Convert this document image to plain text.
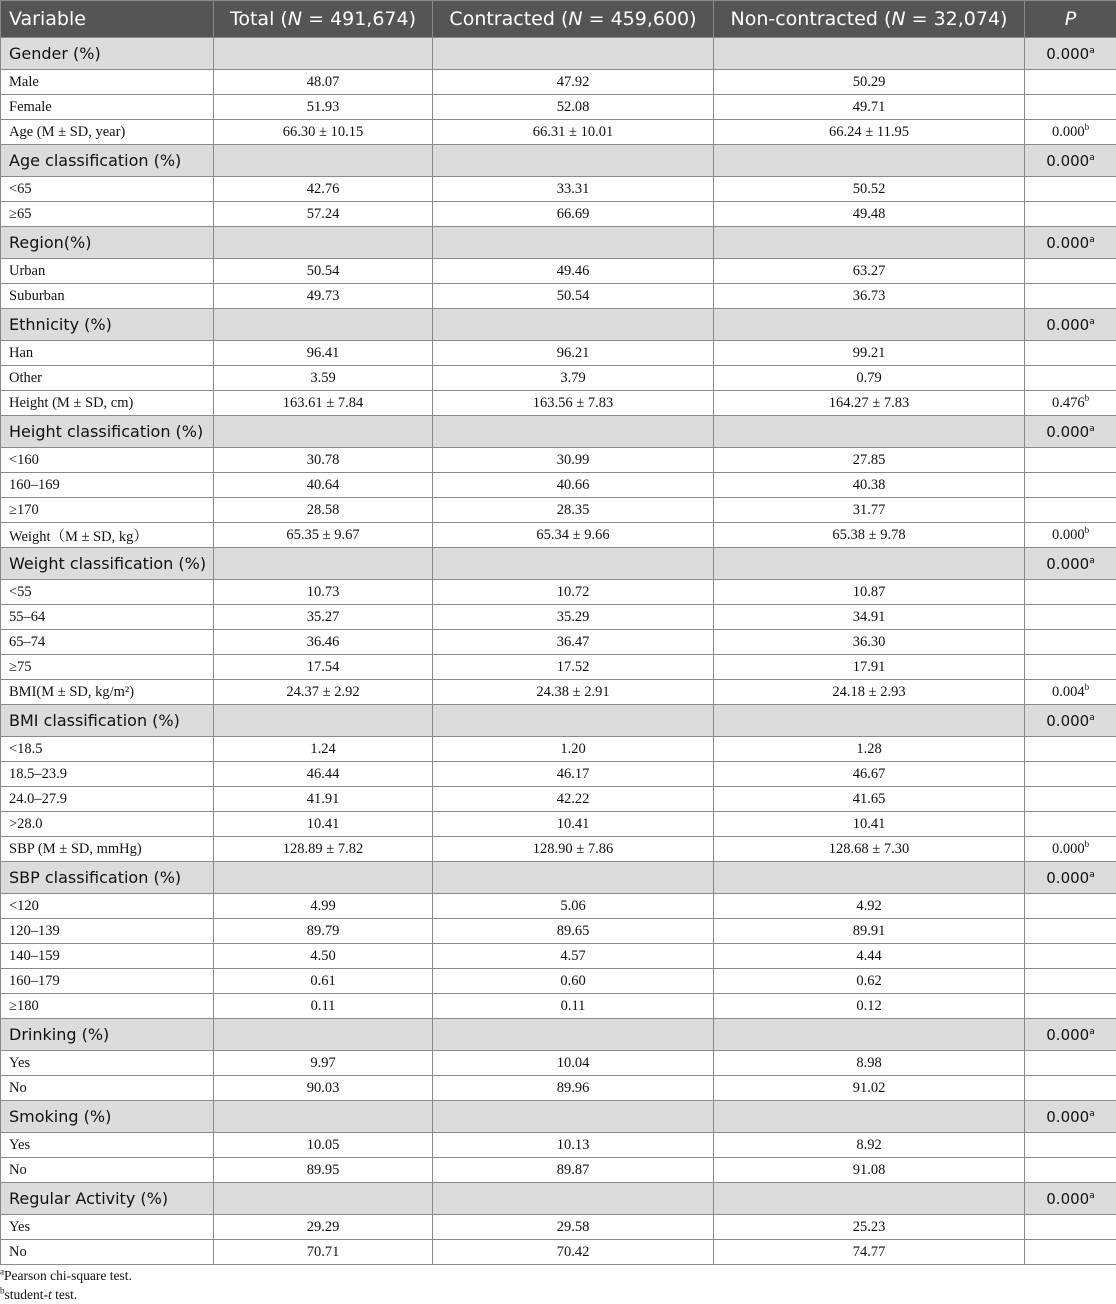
Variable	Total (N = 491,674)	Contracted (N = 459,600)	Non-contracted (N = 32,074)	P
Gender (%)				0.000$^a$
Male	48.07	47.92	50.29	
Female	51.93	52.08	49.71	
Age (M ± SD, year)	66.30 ± 10.15	66.31 ± 10.01	66.24 ± 11.95	0.000$^b$
Age classification (%)				0.000$^a$
<65	42.76	33.31	50.52	
≥65	57.24	66.69	49.48	
Region(%)				0.000$^a$
Urban	50.54	49.46	63.27	
Suburban	49.73	50.54	36.73	
Ethnicity (%)				0.000$^a$
Han	96.41	96.21	99.21	
Other	3.59	3.79	0.79	
Height (M ± SD, cm)	163.61 ± 7.84	163.56 ± 7.83	164.27 ± 7.83	0.476$^b$
Height classification (%)				0.000$^a$
<160	30.78	30.99	27.85	
160–169	40.64	40.66	40.38	
≥170	28.58	28.35	31.77	
Weight（M ± SD, kg）	65.35 ± 9.67	65.34 ± 9.66	65.38 ± 9.78	0.000$^b$
Weight classification (%)				0.000$^a$
<55	10.73	10.72	10.87	
55–64	35.27	35.29	34.91	
65–74	36.46	36.47	36.30	
≥75	17.54	17.52	17.91	
BMI(M ± SD, kg/m²)	24.37 ± 2.92	24.38 ± 2.91	24.18 ± 2.93	0.004$^b$
BMI classification (%)				0.000$^a$
<18.5	1.24	1.20	1.28	
18.5–23.9	46.44	46.17	46.67	
24.0–27.9	41.91	42.22	41.65	
>28.0	10.41	10.41	10.41	
SBP (M ± SD, mmHg)	128.89 ± 7.82	128.90 ± 7.86	128.68 ± 7.30	0.000$^b$
SBP classification (%)				0.000$^a$
<120	4.99	5.06	4.92	
120–139	89.79	89.65	89.91	
140–159	4.50	4.57	4.44	
160–179	0.61	0.60	0.62	
≥180	0.11	0.11	0.12	
Drinking (%)				0.000$^a$
Yes	9.97	10.04	8.98	
No	90.03	89.96	91.02	
Smoking (%)				0.000$^a$
Yes	10.05	10.13	8.92	
No	89.95	89.87	91.08	
Regular Activity (%)				0.000$^a$
Yes	29.29	29.58	25.23	
No	70.71	70.42	74.77	
$^a$Pearson chi-square test.
$^b$student-t test.
